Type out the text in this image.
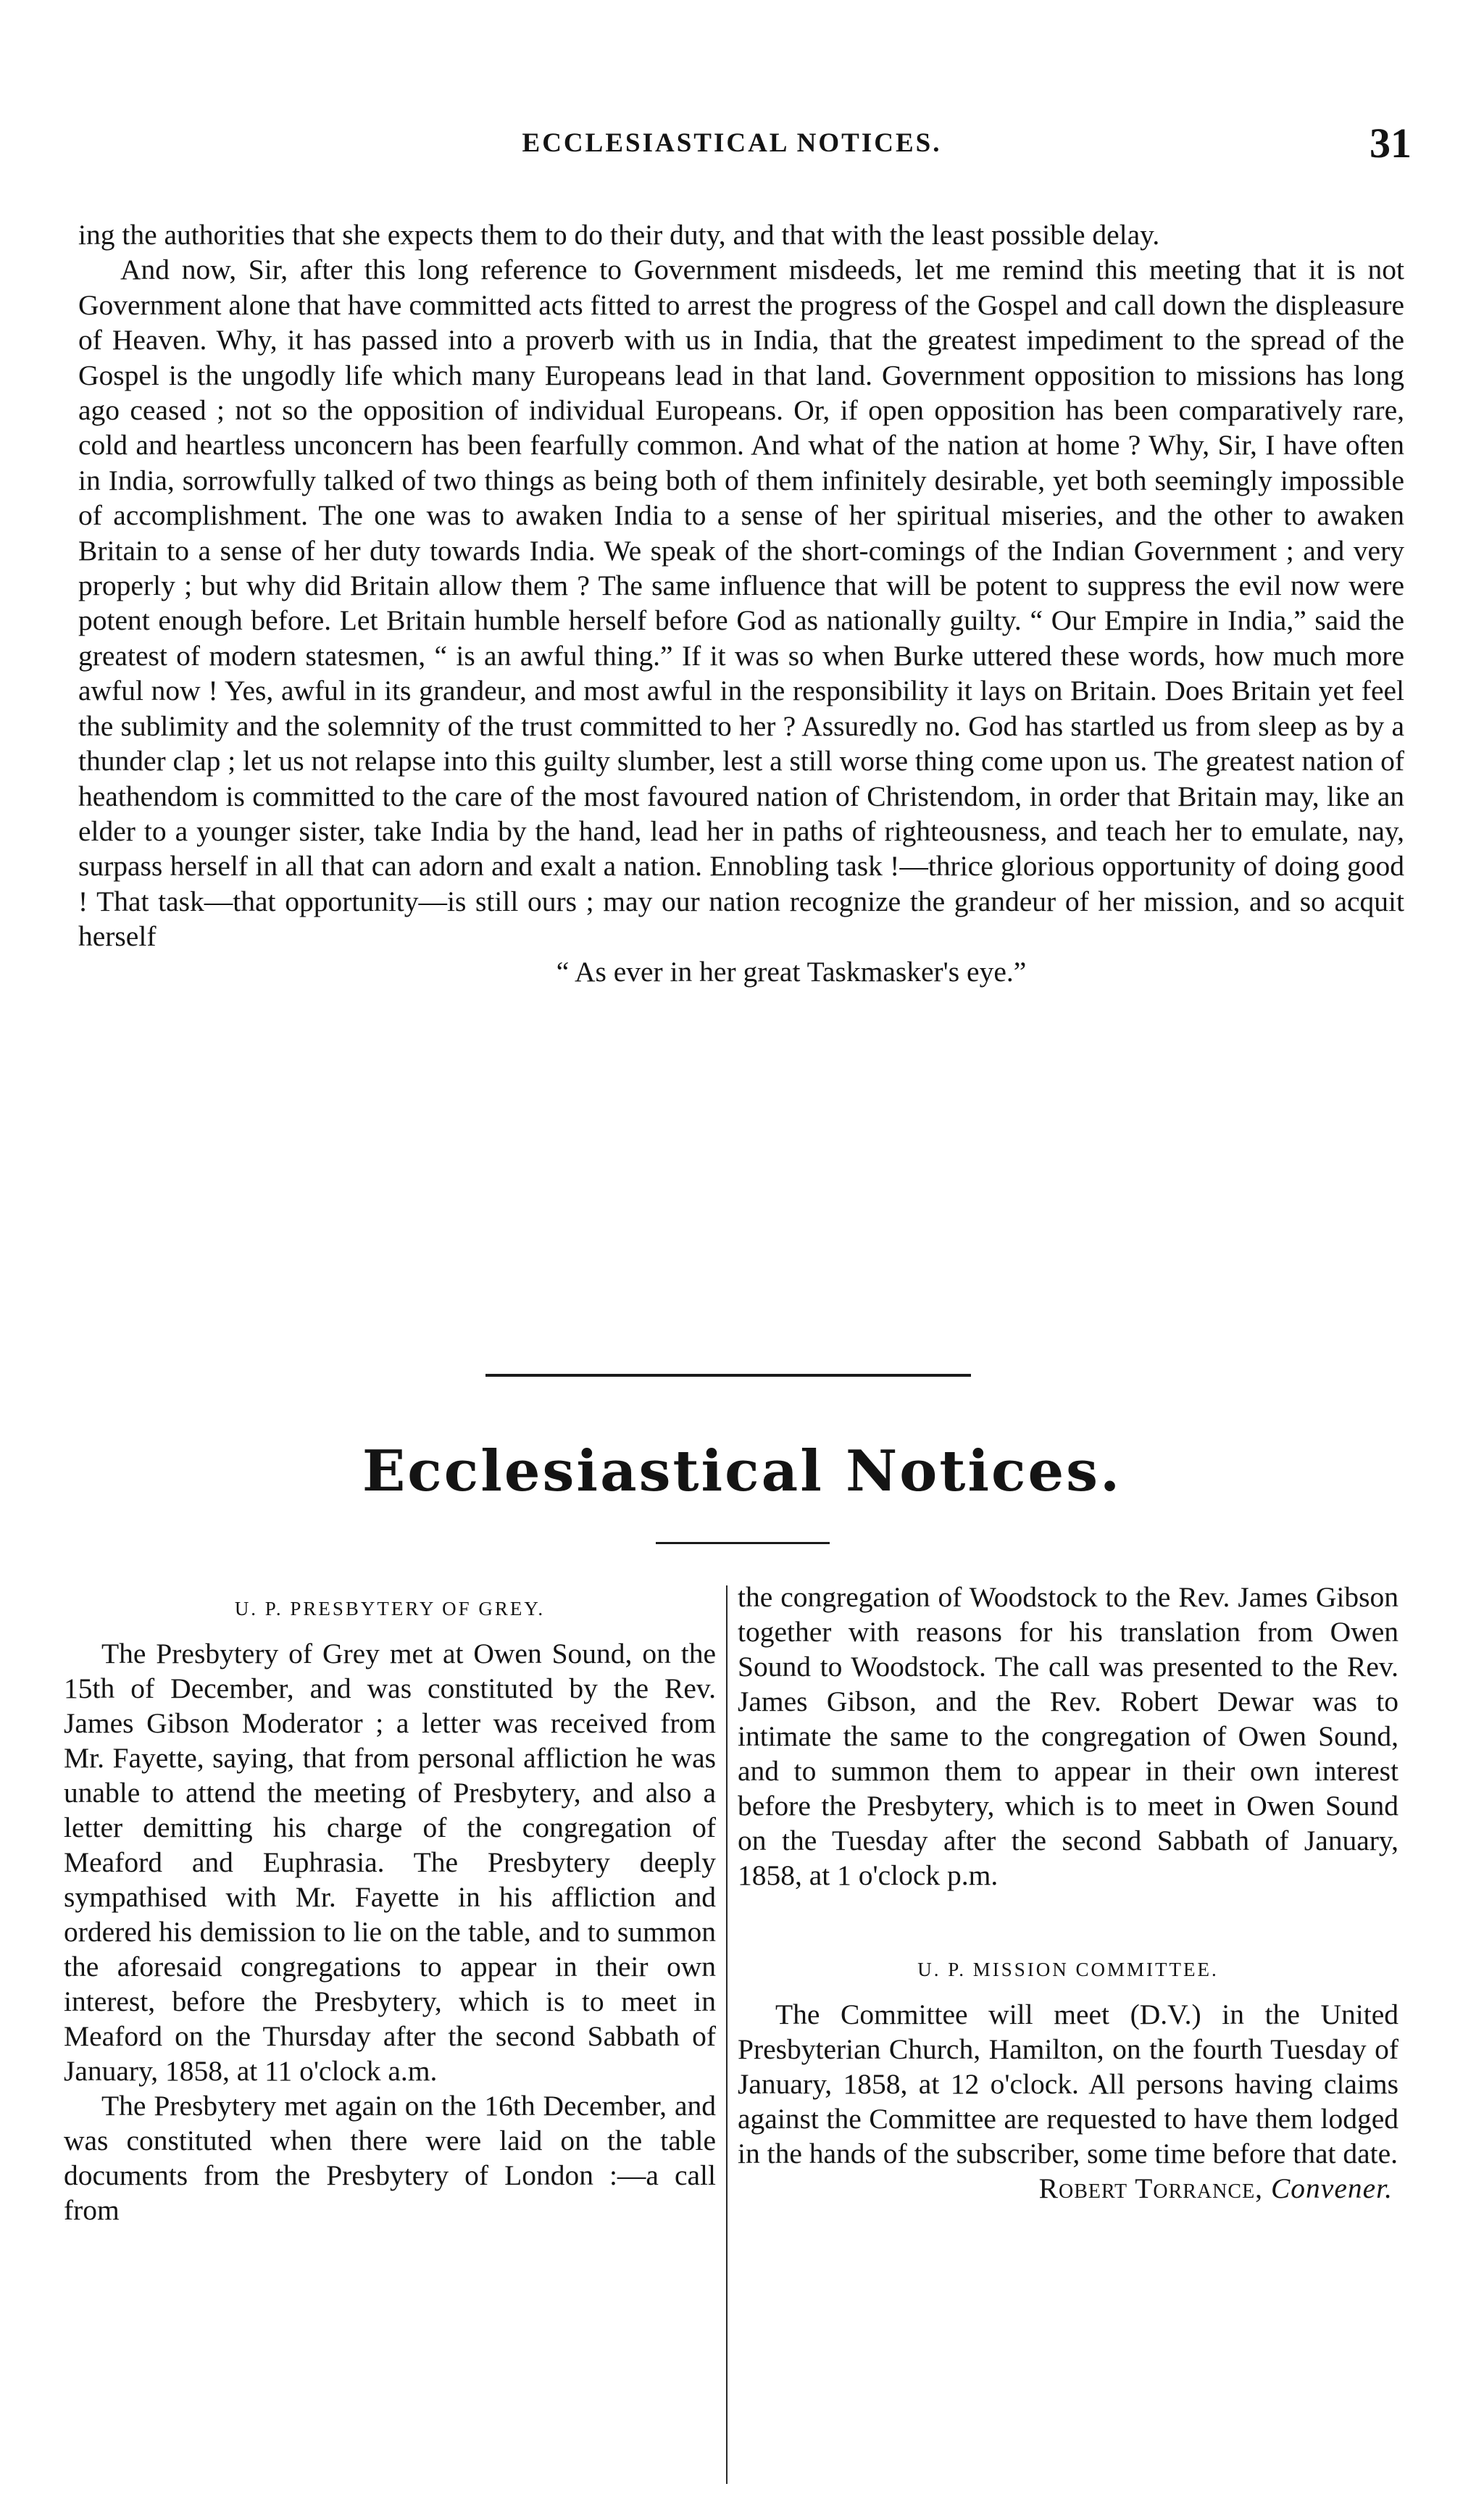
ECCLESIASTICAL NOTICES.	31

ing the authorities that she expects them to do their duty, and that with the least possible delay.

And now, Sir, after this long reference to Government misdeeds, let me remind this meeting that it is not Government alone that have committed acts fitted to arrest the progress of the Gospel and call down the displeasure of Heaven. Why, it has passed into a proverb with us in India, that the greatest impediment to the spread of the Gospel is the ungodly life which many Europeans lead in that land. Government opposition to missions has long ago ceased ; not so the opposition of individual Europeans. Or, if open opposition has been comparatively rare, cold and heartless unconcern has been fearfully common. And what of the nation at home ? Why, Sir, I have often in India, sorrowfully talked of two things as being both of them infinitely desirable, yet both seemingly impossible of accomplishment. The one was to awaken India to a sense of her spiritual miseries, and the other to awaken Britain to a sense of her duty towards India. We speak of the short-comings of the Indian Government ; and very properly ; but why did Britain allow them ? The same influence that will be potent to suppress the evil now were potent enough before. Let Britain humble herself before God as nationally guilty. “ Our Empire in India,” said the greatest of modern statesmen, “ is an awful thing.” If it was so when Burke uttered these words, how much more awful now ! Yes, awful in its grandeur, and most awful in the responsibility it lays on Britain. Does Britain yet feel the sublimity and the solemnity of the trust committed to her ? Assuredly no. God has startled us from sleep as by a thunder clap ; let us not relapse into this guilty slumber, lest a still worse thing come upon us. The greatest nation of heathendom is committed to the care of the most favoured nation of Christendom, in order that Britain may, like an elder to a younger sister, take India by the hand, lead her in paths of righteousness, and teach her to emulate, nay, surpass herself in all that can adorn and exalt a nation. Ennobling task !—thrice glorious opportunity of doing good ! That task—that opportunity—is still ours ; may our nation recognize the grandeur of her mission, and so acquit herself

“ As ever in her great Taskmasker's eye.”

Ecclesiastical Notices.
U. P. PRESBYTERY OF GREY.

The Presbytery of Grey met at Owen Sound, on the 15th of December, and was constituted by the Rev. James Gibson Moderator ; a letter was received from Mr. Fayette, saying, that from personal affliction he was unable to attend the meeting of Presbytery, and also a letter demitting his charge of the congregation of Meaford and Euphrasia. The Presbytery deeply sympathised with Mr. Fayette in his affliction and ordered his demission to lie on the table, and to summon the aforesaid congregations to appear in their own interest, before the Presbytery, which is to meet in Meaford on the Thursday after the second Sabbath of January, 1858, at 11 o'clock a.m.

The Presbytery met again on the 16th December, and was constituted when there were laid on the table documents from the Presbytery of London :—a call from

the congregation of Woodstock to the Rev. James Gibson together with reasons for his translation from Owen Sound to Woodstock. The call was presented to the Rev. James Gibson, and the Rev. Robert Dewar was to intimate the same to the congregation of Owen Sound, and to summon them to appear in their own interest before the Presbytery, which is to meet in Owen Sound on the Tuesday after the second Sabbath of January, 1858, at 1 o'clock p.m.

U. P. MISSION COMMITTEE.

The Committee will meet (D.V.) in the United Presbyterian Church, Hamilton, on the fourth Tuesday of January, 1858, at 12 o'clock. All persons having claims against the Committee are requested to have them lodged in the hands of the subscriber, some time before that date.

Robert Torrance, Convener.
